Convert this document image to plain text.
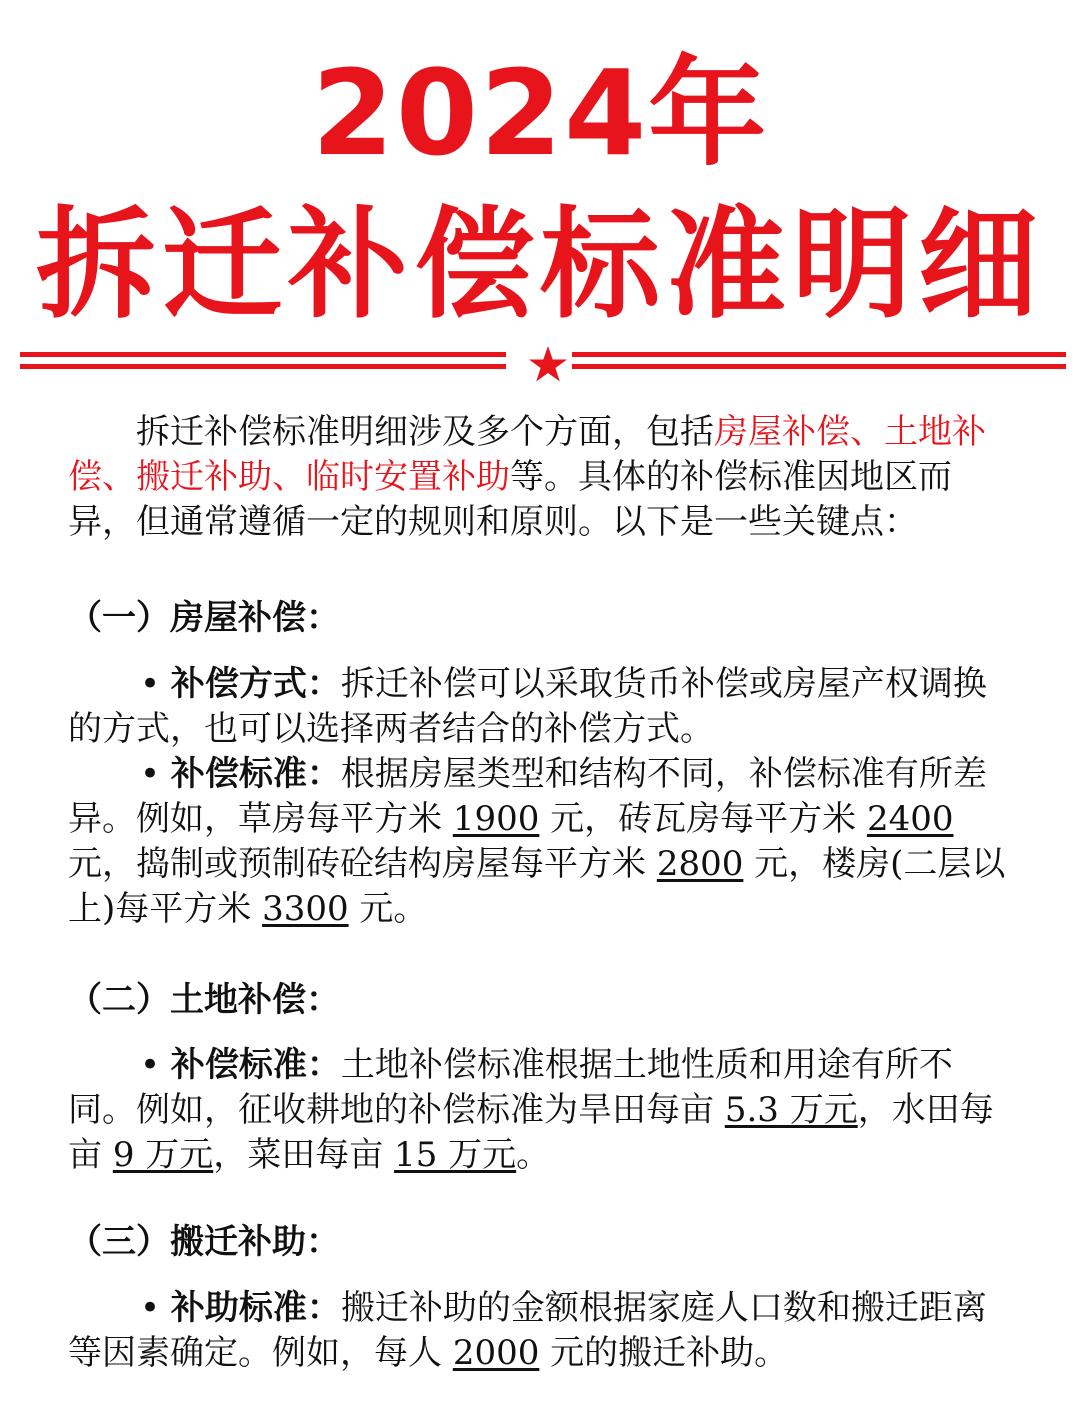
2024年
拆迁补偿标准明细

拆迁补偿标准明细涉及多个方面，包括房屋补偿、土地补偿、搬迁补助、临时安置补助等。具体的补偿标准因地区而异，但通常遵循一定的规则和原则。以下是一些关键点：

（一）房屋补偿：
• 补偿方式：拆迁补偿可以采取货币补偿或房屋产权调换的方式，也可以选择两者结合的补偿方式。
• 补偿标准：根据房屋类型和结构不同，补偿标准有所差异。例如，草房每平方米 1900 元，砖瓦房每平方米 2400 元，捣制或预制砖砼结构房屋每平方米 2800 元，楼房(二层以上)每平方米 3300 元。
（二）土地补偿：
• 补偿标准：土地补偿标准根据土地性质和用途有所不同。例如，征收耕地的补偿标准为旱田每亩 5.3 万元，水田每亩 9 万元，菜田每亩 15 万元。
（三）搬迁补助：
• 补助标准：搬迁补助的金额根据家庭人口数和搬迁距离等因素确定。例如，每人 2000 元的搬迁补助。
